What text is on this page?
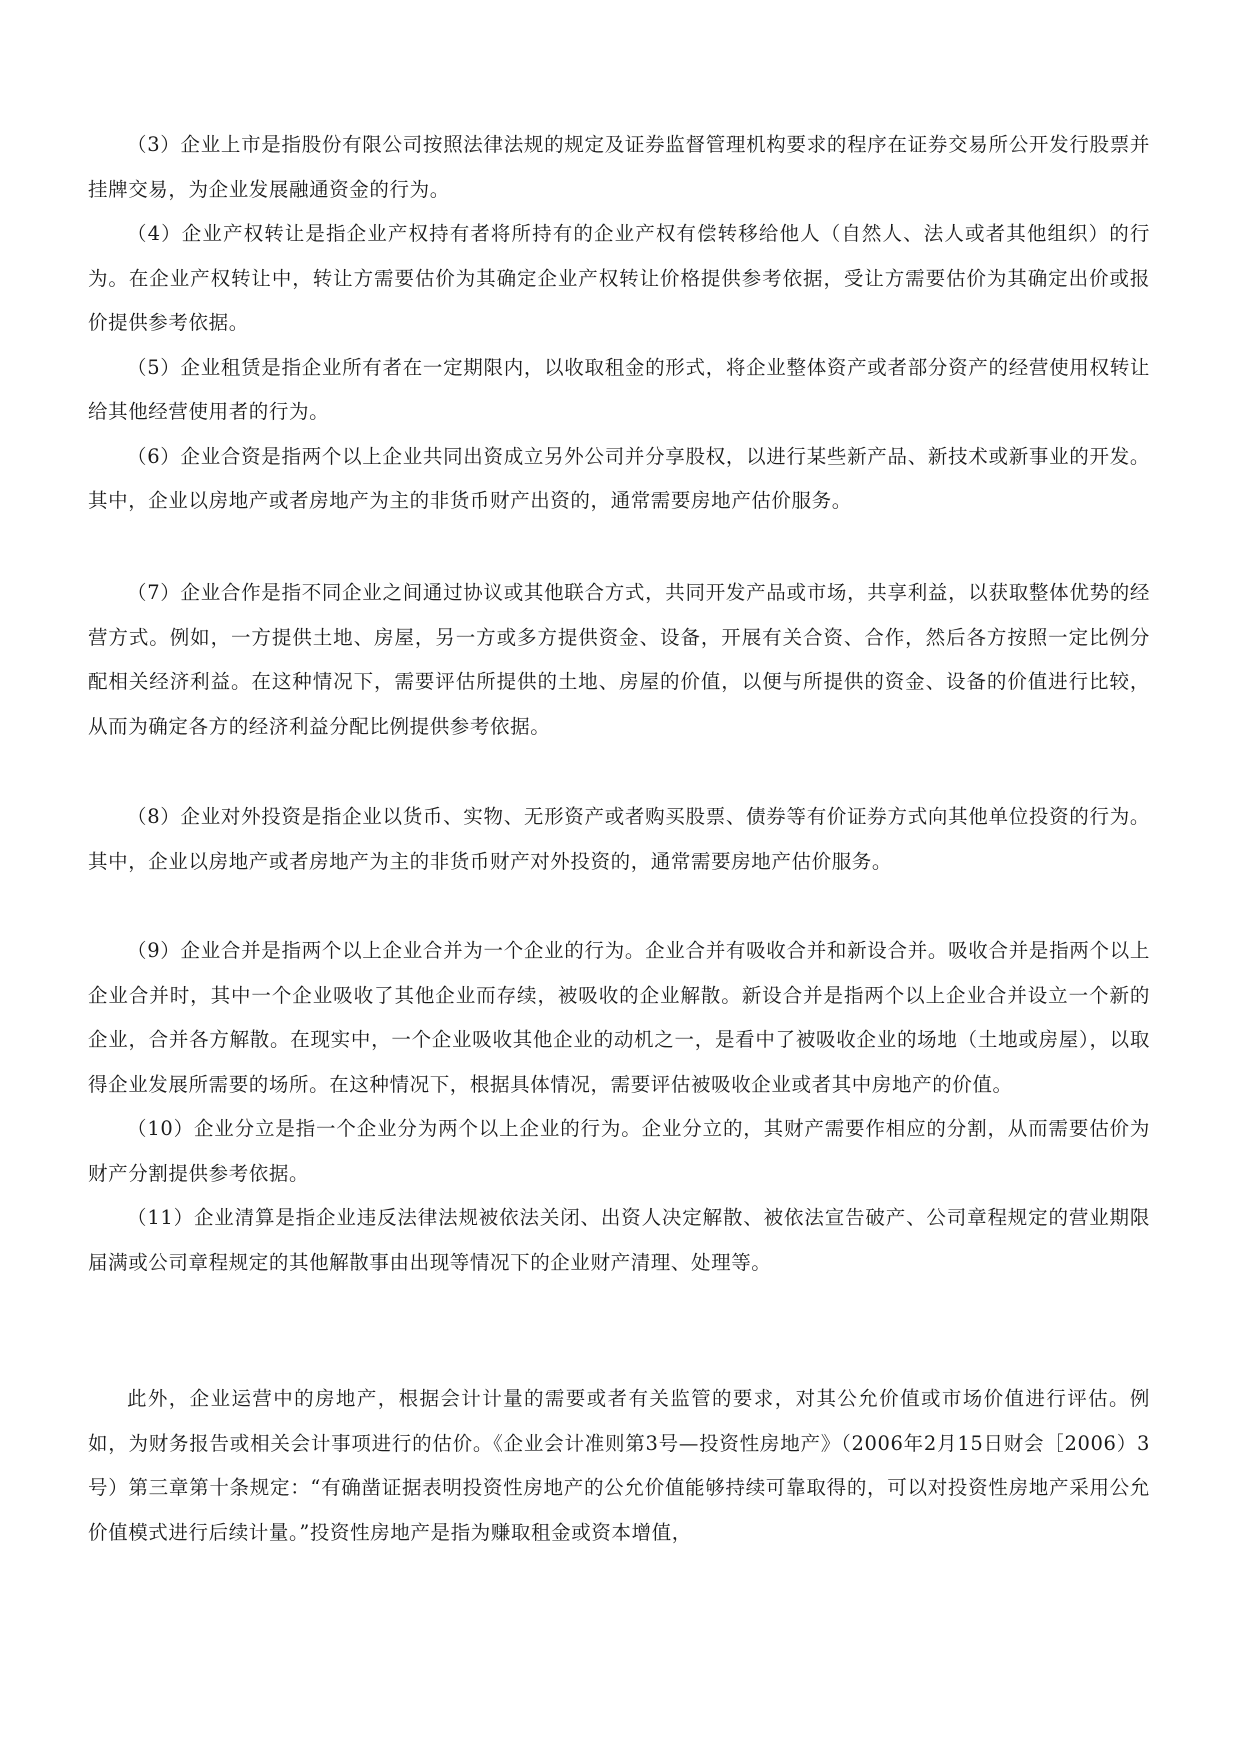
（3）企业上市是指股份有限公司按照法律法规的规定及证券监督管理机构要求的程序在证券交易所公开发行股票并挂牌交易，为企业发展融通资金的行为。

（4）企业产权转让是指企业产权持有者将所持有的企业产权有偿转移给他人（自然人、法人或者其他组织）的行为。在企业产权转让中，转让方需要估价为其确定企业产权转让价格提供参考依据，受让方需要估价为其确定出价或报价提供参考依据。

（5）企业租赁是指企业所有者在一定期限内，以收取租金的形式，将企业整体资产或者部分资产的经营使用权转让给其他经营使用者的行为。

（6）企业合资是指两个以上企业共同出资成立另外公司并分享股权，以进行某些新产品、新技术或新事业的开发。其中，企业以房地产或者房地产为主的非货币财产出资的，通常需要房地产估价服务。

（7）企业合作是指不同企业之间通过协议或其他联合方式，共同开发产品或市场，共享利益，以获取整体优势的经营方式。例如，一方提供土地、房屋，另一方或多方提供资金、设备，开展有关合资、合作，然后各方按照一定比例分配相关经济利益。在这种情况下，需要评估所提供的土地、房屋的价值，以便与所提供的资金、设备的价值进行比较，从而为确定各方的经济利益分配比例提供参考依据。

（8）企业对外投资是指企业以货币、实物、无形资产或者购买股票、债券等有价证券方式向其他单位投资的行为。其中，企业以房地产或者房地产为主的非货币财产对外投资的，通常需要房地产估价服务。

（9）企业合并是指两个以上企业合并为一个企业的行为。企业合并有吸收合并和新设合并。吸收合并是指两个以上企业合并时，其中一个企业吸收了其他企业而存续，被吸收的企业解散。新设合并是指两个以上企业合并设立一个新的企业，合并各方解散。在现实中，一个企业吸收其他企业的动机之一，是看中了被吸收企业的场地（土地或房屋），以取得企业发展所需要的场所。在这种情况下，根据具体情况，需要评估被吸收企业或者其中房地产的价值。

（10）企业分立是指一个企业分为两个以上企业的行为。企业分立的，其财产需要作相应的分割，从而需要估价为财产分割提供参考依据。

（11）企业清算是指企业违反法律法规被依法关闭、出资人决定解散、被依法宣告破产、公司章程规定的营业期限届满或公司章程规定的其他解散事由出现等情况下的企业财产清理、处理等。

此外，企业运营中的房地产，根据会计计量的需要或者有关监管的要求，对其公允价值或市场价值进行评估。例如，为财务报告或相关会计事项进行的估价。《企业会计准则第3号—投资性房地产》（2006年2月15日财会［2006）3号）第三章第十条规定：“有确凿证据表明投资性房地产的公允价值能够持续可靠取得的，可以对投资性房地产采用公允价值模式进行后续计量。”投资性房地产是指为赚取租金或资本增值，
